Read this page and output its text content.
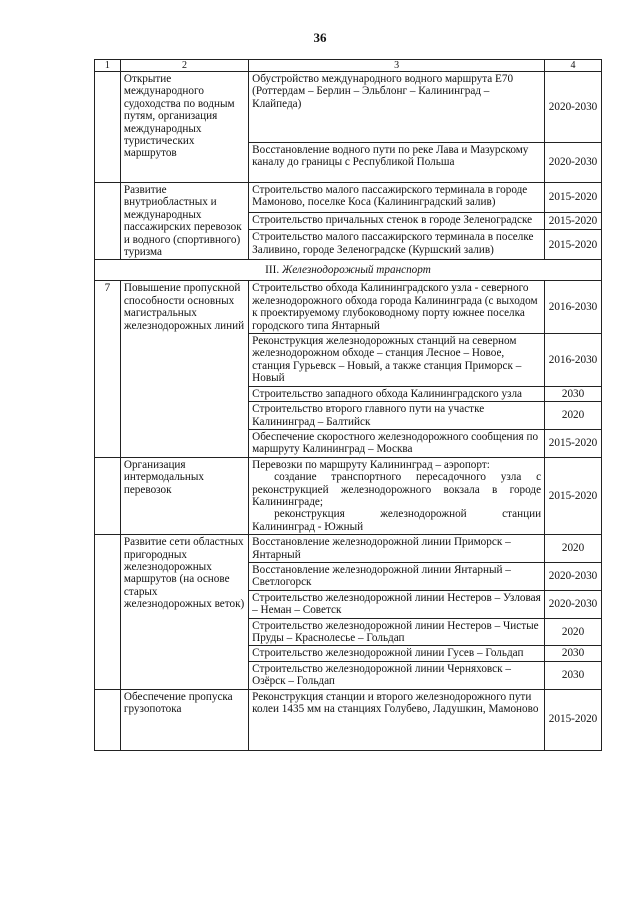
36
1	2	3	4
	Открытие международного судоходства по водным путям, организация международных туристических маршрутов	Обустройство международного водного маршрута Е70 (Роттердам – Берлин – Эльблонг – Калининград – Клайпеда)	2020-2030
		Восстановление водного пути по реке Лава и Мазурскому каналу до границы с Республикой Польша	2020-2030
	Развитие внутриобластных и международных пассажирских перевозок и водного (спортивного) туризма	Строительство малого пассажирского терминала в городе Мамоново, поселке Коса (Калининградский залив)	2015-2020
		Строительство причальных стенок в городе Зеленоградске	2015-2020
		Строительство малого пассажирского терминала в поселке Заливино, городе Зеленоградске (Куршский залив)	2015-2020
III. Железнодорожный транспорт			
7	Повышение пропускной способности основных магистральных железнодорожных линий	Строительство обхода Калининградского узла - северного железнодорожного обхода города Калининграда (с выходом к проектируемому глубоководному порту южнее поселка городского типа Янтарный	2016-2030
		Реконструкция железнодорожных станций на северном железнодорожном обходе – станция Лесное – Новое, станция Гурьевск – Новый, а также станция Приморск – Новый	2016-2030
		Строительство западного обхода Калининградского узла	2030
		Строительство второго главного пути на участке Калининград – Балтийск	2020
		Обеспечение скоростного железнодорожного сообщения по маршруту Калининград – Москва	2015-2020
	Организация интермодальных перевозок	Перевозки по маршруту Калининград – аэропорт:
создание транспортного пересадочного узла с реконструкцией железнодорожного вокзала в городе Калининграде;
реконструкция железнодорожной станции Калининград - Южный	2015-2020
	Развитие сети областных пригородных железнодорожных маршрутов (на основе старых железнодорожных веток)	Восстановление железнодорожной линии Приморск – Янтарный	2020
		Восстановление железнодорожной линии Янтарный – Светлогорск	2020-2030
		Строительство железнодорожной линии Нестеров – Узловая – Неман – Советск	2020-2030
		Строительство железнодорожной линии Нестеров – Чистые Пруды – Краснолесье – Гольдап	2020
		Строительство железнодорожной линии Гусев – Гольдап	2030
		Строительство железнодорожной линии Черняховск – Озёрск – Гольдап	2030
	Обеспечение пропуска грузопотока	Реконструкция станции и второго железнодорожного пути колеи 1435 мм на станциях Голубево, Ладушкин, Мамоново	2015-2020
